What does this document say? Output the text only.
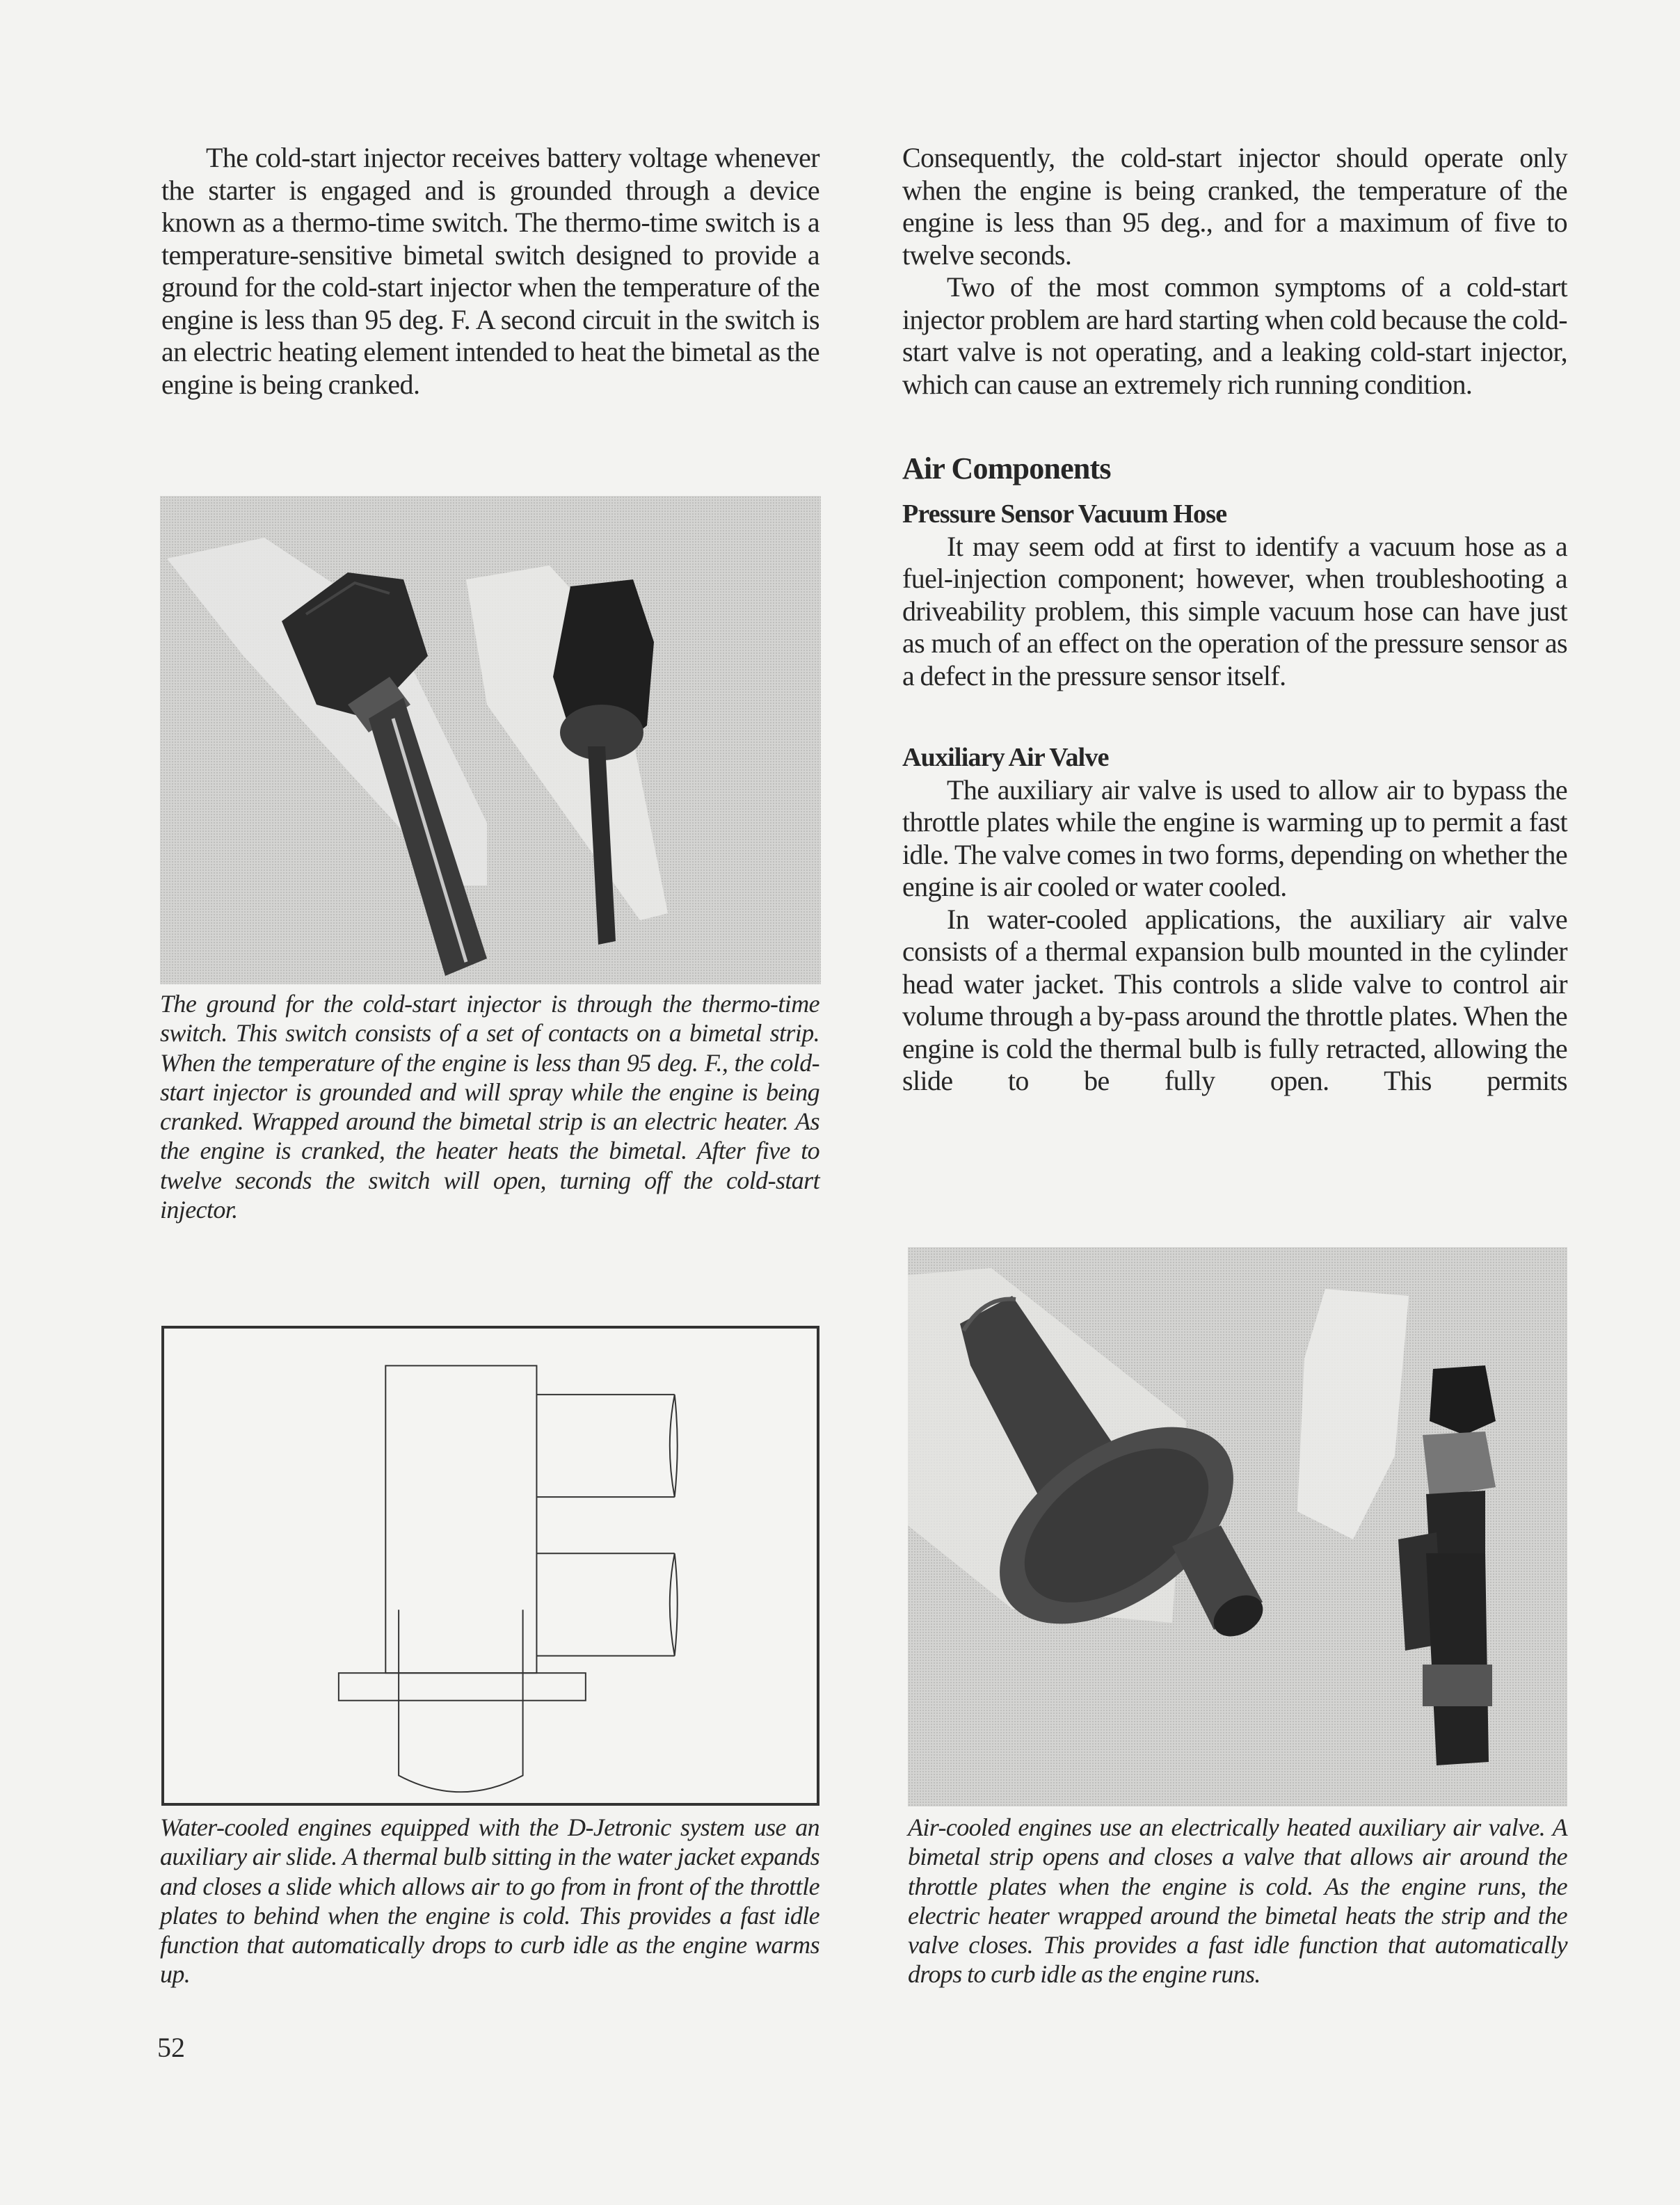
The cold-start injector receives battery voltage whenever the starter is engaged and is grounded through a device known as a thermo-time switch. The thermo-time switch is a temperature-sensitive bimetal switch designed to provide a ground for the cold-start injector when the temperature of the engine is less than 95 deg. F. A second circuit in the switch is an electric heating element intended to heat the bimetal as the engine is being cranked.

The ground for the cold-start injector is through the thermo-time switch. This switch consists of a set of contacts on a bimetal strip. When the temperature of the engine is less than 95 deg. F., the cold-start injector is grounded and will spray while the engine is being cranked. Wrapped around the bimetal strip is an electric heater. As the engine is cranked, the heater heats the bimetal. After five to twelve seconds the switch will open, turning off the cold-start injector.

Water-cooled engines equipped with the D-Jetronic system use an auxiliary air slide. A thermal bulb sitting in the water jacket expands and closes a slide which allows air to go from in front of the throttle plates to behind when the engine is cold. This provides a fast idle function that automatically drops to curb idle as the engine warms up.

52

Consequently, the cold-start injector should operate only when the engine is being cranked, the temperature of the engine is less than 95 deg., and for a maximum of five to twelve seconds.

Two of the most common symptoms of a cold-start injector problem are hard starting when cold because the cold-start valve is not operating, and a leaking cold-start injector, which can cause an extremely rich running condition.

Air Components
Pressure Sensor Vacuum Hose

It may seem odd at first to identify a vacuum hose as a fuel-injection component; however, when troubleshooting a driveability problem, this simple vacuum hose can have just as much of an effect on the operation of the pressure sensor as a defect in the pressure sensor itself.

Auxiliary Air Valve

The auxiliary air valve is used to allow air to bypass the throttle plates while the engine is warming up to permit a fast idle. The valve comes in two forms, depending on whether the engine is air cooled or water cooled.

In water-cooled applications, the auxiliary air valve consists of a thermal expansion bulb mounted in the cylinder head water jacket. This controls a slide valve to control air volume through a by-pass around the throttle plates. When the engine is cold the thermal bulb is fully retracted, allowing the slide to be fully open. This permits

Air-cooled engines use an electrically heated auxiliary air valve. A bimetal strip opens and closes a valve that allows air around the throttle plates when the engine is cold. As the engine runs, the electric heater wrapped around the bimetal heats the strip and the valve closes. This provides a fast idle function that automatically drops to curb idle as the engine runs.
